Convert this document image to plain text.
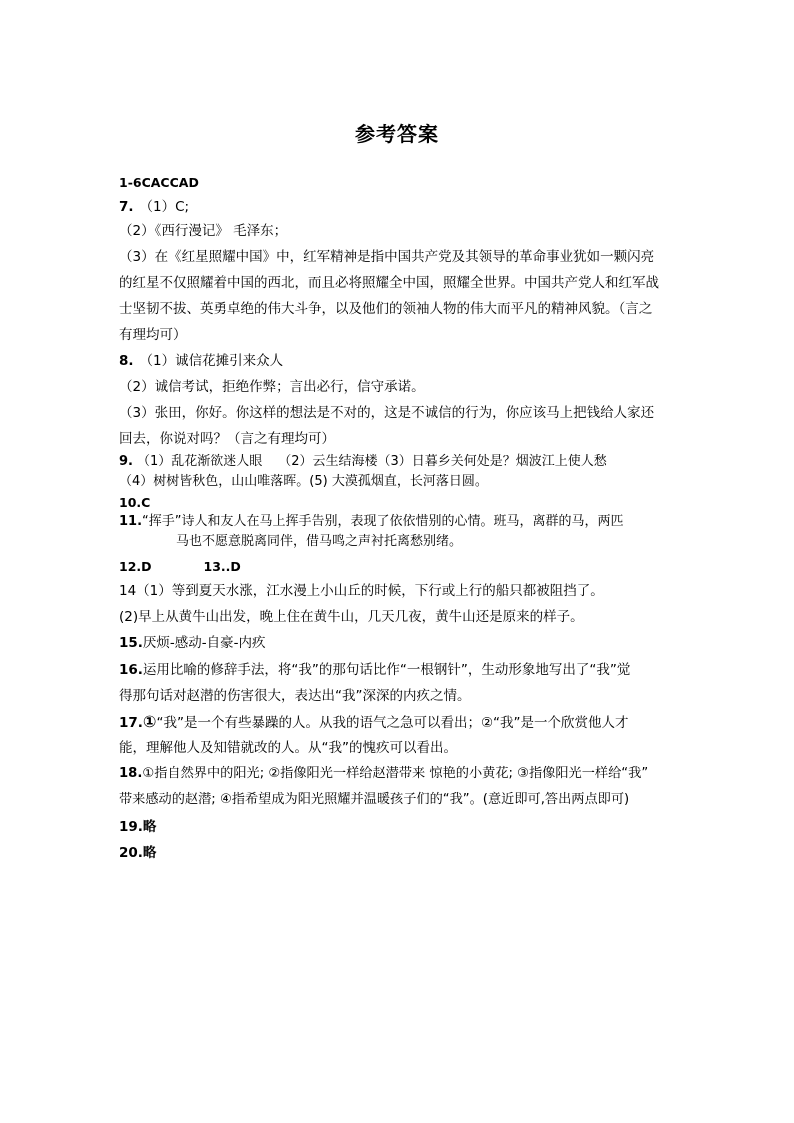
参考答案
1-6CACCAD
7. （1）C;
（2）《西行漫记》 毛泽东；
（3）在《红星照耀中国》中，红军精神是指中国共产党及其领导的革命事业犹如一颗闪亮
的红星不仅照耀着中国的西北，而且必将照耀全中国，照耀全世界。中国共产党人和红军战
士坚韧不拔、英勇卓绝的伟大斗争，以及他们的领袖人物的伟大而平凡的精神风貌。（言之
有理均可）
8. （1）诚信花摊引来众人
（2）诚信考试，拒绝作弊；言出必行，信守承诺。
（3）张田，你好。你这样的想法是不对的，这是不诚信的行为，你应该马上把钱给人家还
回去，你说对吗？（言之有理均可）
9. （1）乱花渐欲迷人眼 （2）云生结海楼（3）日暮乡关何处是？烟波江上使人愁
（4）树树皆秋色，山山唯落晖。(5) 大漠孤烟直，长河落日圆。
10.C
11.“挥手”诗人和友人在马上挥手告别，表现了依依惜别的心情。班马，离群的马，两匹
马也不愿意脱离同伴，借马鸣之声衬托离愁别绪。
12.D	13..D
14（1）等到夏天水涨，江水漫上小山丘的时候，下行或上行的船只都被阻挡了。
(2)早上从黄牛山出发，晚上住在黄牛山，几天几夜，黄牛山还是原来的样子。
15.厌烦-感动-自豪-内疚
16.运用比喻的修辞手法，将“我”的那句话比作“一根钢针”，生动形象地写出了“我”觉
得那句话对赵潜的伤害很大，表达出“我”深深的内疚之情。
17.①“我”是一个有些暴躁的人。从我的语气之急可以看出；②“我”是一个欣赏他人才
能，理解他人及知错就改的人。从“我”的愧疚可以看出。
18.①指自然界中的阳光; ②指像阳光一样给赵潜带来 惊艳的小黄花; ③指像阳光一样给“我”
带来感动的赵潜; ④指希望成为阳光照耀并温暖孩子们的“我”。(意近即可,答出两点即可)
19.略
20.略
